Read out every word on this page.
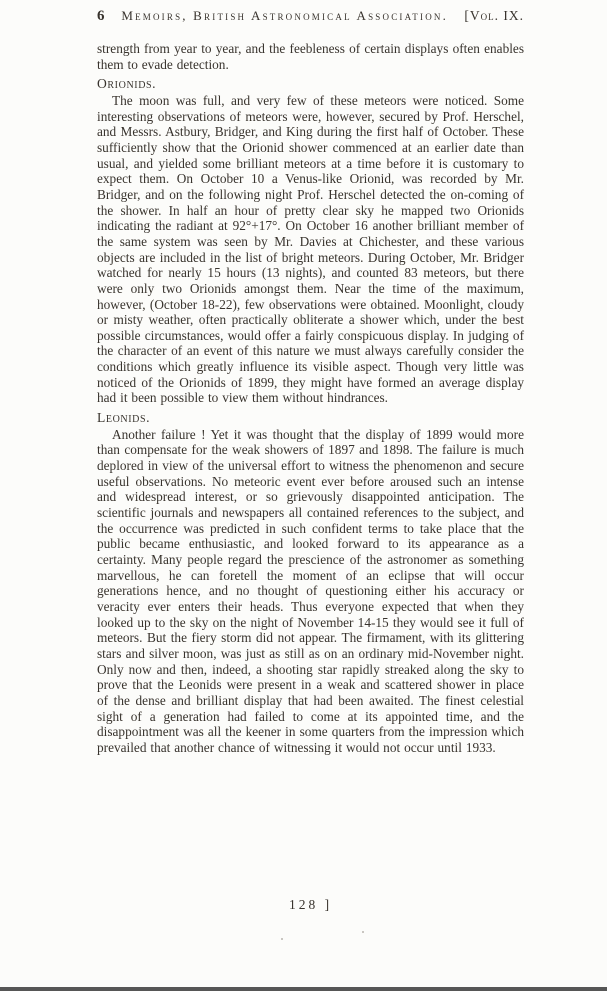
6	Memoirs, British Astronomical Association.	[Vol. IX.

strength from year to year, and the feebleness of certain displays often enables them to evade detection.

Orionids.

The moon was full, and very few of these meteors were noticed. Some interesting observations of meteors were, however, secured by Prof. Herschel, and Messrs. Astbury, Bridger, and King during the first half of October. These sufficiently show that the Orionid shower commenced at an earlier date than usual, and yielded some brilliant meteors at a time before it is customary to expect them. On October 10 a Venus-like Orionid, was recorded by Mr. Bridger, and on the following night Prof. Herschel detected the on-coming of the shower. In half an hour of pretty clear sky he mapped two Orionids indicating the radiant at 92°+17°. On October 16 another brilliant member of the same system was seen by Mr. Davies at Chichester, and these various objects are included in the list of bright meteors. During October, Mr. Bridger watched for nearly 15 hours (13 nights), and counted 83 meteors, but there were only two Orionids amongst them. Near the time of the maximum, however, (October 18-22), few observations were obtained. Moonlight, cloudy or misty weather, often practically obliterate a shower which, under the best possible circumstances, would offer a fairly conspicuous display. In judging of the character of an event of this nature we must always carefully consider the conditions which greatly influence its visible aspect. Though very little was noticed of the Orionids of 1899, they might have formed an average display had it been possible to view them without hindrances.

Leonids.

Another failure ! Yet it was thought that the display of 1899 would more than compensate for the weak showers of 1897 and 1898. The failure is much deplored in view of the universal effort to witness the phenomenon and secure useful observations. No meteoric event ever before aroused such an intense and widespread interest, or so grievously disappointed anticipation. The scientific journals and newspapers all contained references to the subject, and the occurrence was predicted in such confident terms to take place that the public became enthusiastic, and looked forward to its appearance as a certainty. Many people regard the prescience of the astronomer as something marvellous, he can foretell the moment of an eclipse that will occur generations hence, and no thought of questioning either his accuracy or veracity ever enters their heads. Thus everyone expected that when they looked up to the sky on the night of November 14-15 they would see it full of meteors. But the fiery storm did not appear. The firmament, with its glittering stars and silver moon, was just as still as on an ordinary mid-November night. Only now and then, indeed, a shooting star rapidly streaked along the sky to prove that the Leonids were present in a weak and scattered shower in place of the dense and brilliant display that had been awaited. The finest celestial sight of a generation had failed to come at its appointed time, and the disappointment was all the keener in some quarters from the impression which prevailed that another chance of witnessing it would not occur until 1933.

128 ]
